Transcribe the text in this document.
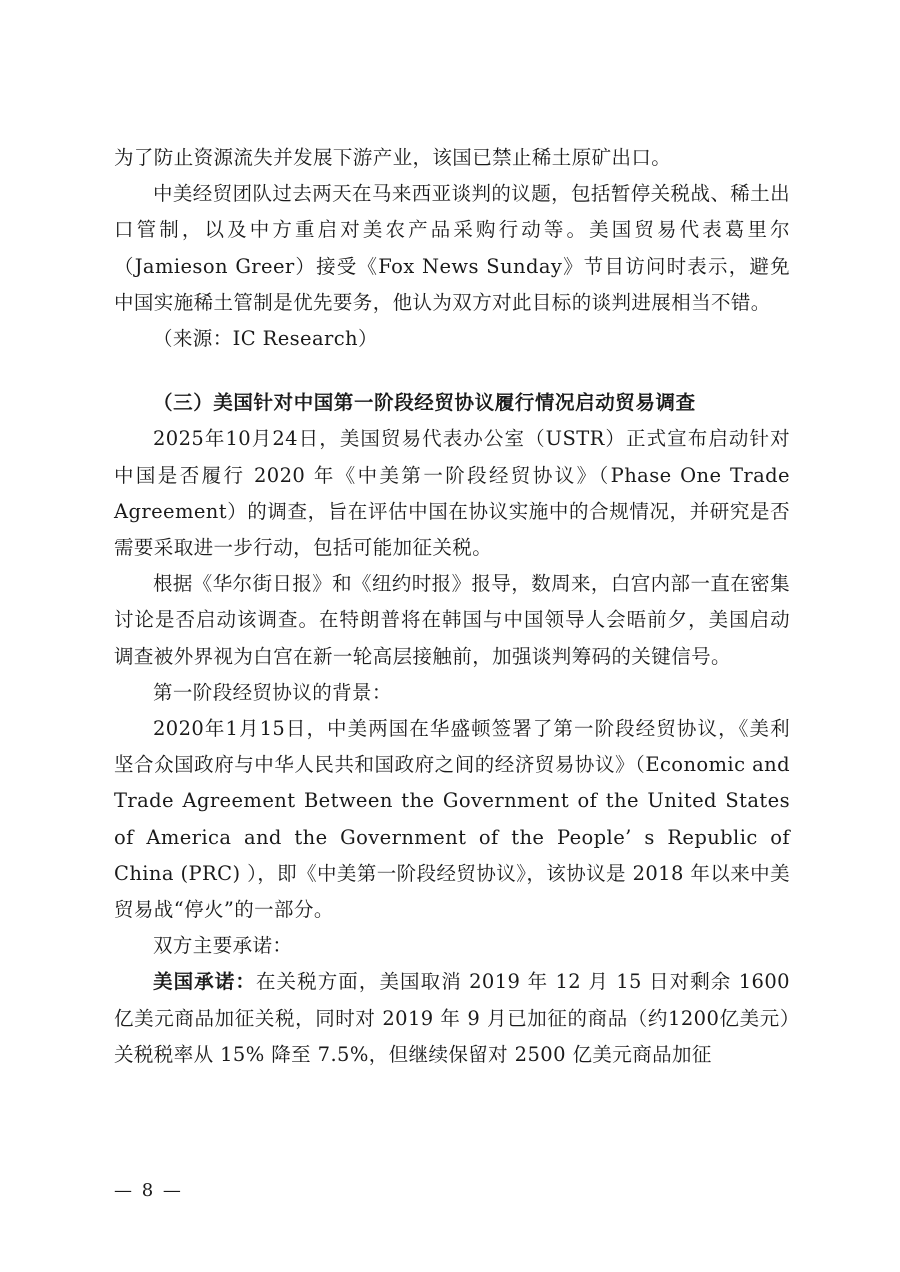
为了防止资源流失并发展下游产业，该国已禁止稀土原矿出口。

中美经贸团队过去两天在马来西亚谈判的议题，包括暂停关税战、稀土出口管制，以及中方重启对美农产品采购行动等。美国贸易代表葛里尔（Jamieson Greer）接受《Fox News Sunday》节目访问时表示，避免中国实施稀土管制是优先要务，他认为双方对此目标的谈判进展相当不错。

（来源：IC Research）

（三）美国针对中国第一阶段经贸协议履行情况启动贸易调查

2025年10月24日，美国贸易代表办公室（USTR）正式宣布启动针对中国是否履行 2020 年《中美第一阶段经贸协议》（Phase One Trade Agreement）的调查，旨在评估中国在协议实施中的合规情况，并研究是否需要采取进一步行动，包括可能加征关税。

根据《华尔街日报》和《纽约时报》报导，数周来，白宫内部一直在密集讨论是否启动该调查。在特朗普将在韩国与中国领导人会晤前夕，美国启动调查被外界视为白宫在新一轮高层接触前，加强谈判筹码的关键信号。

第一阶段经贸协议的背景：

2020年1月15日，中美两国在华盛顿签署了第一阶段经贸协议，《美利坚合众国政府与中华人民共和国政府之间的经济贸易协议》（Economic and Trade Agreement Between the Government of the United States of America and the Government of the People’ s Republic of China (PRC) ），即《中美第一阶段经贸协议》，该协议是 2018 年以来中美贸易战“停火”的一部分。

双方主要承诺：

美国承诺：在关税方面，美国取消 2019 年 12 月 15 日对剩余 1600 亿美元商品加征关税，同时对 2019 年 9 月已加征的商品（约1200亿美元）关税税率从 15% 降至 7.5%，但继续保留对 2500 亿美元商品加征

— 8 —
